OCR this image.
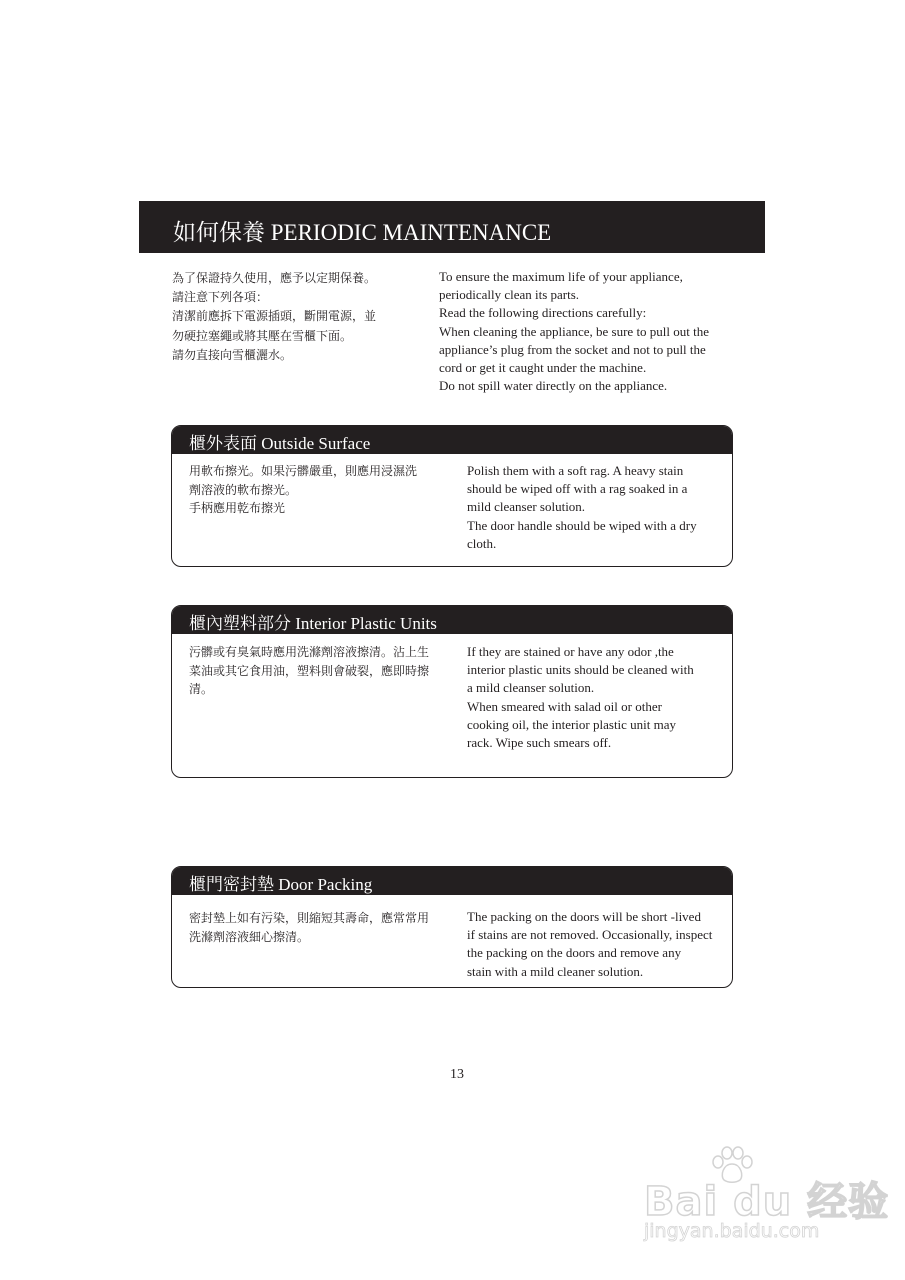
如何保養 PERIODIC MAINTENANCE
為了保證持久使用，應予以定期保養。
請注意下列各項：
清潔前應拆下電源插頭，斷開電源，並
勿硬拉塞繩或將其壓在雪櫃下面。
請勿直接向雪櫃灑水。
To ensure the maximum life of your appliance,
periodically clean its parts.
Read the following directions carefully:
When cleaning the appliance, be sure to pull out the
appliance’s plug from the socket and not to pull the
cord or get it caught under the machine.
Do not spill water directly on the appliance.
櫃外表面 Outside Surface
用軟布擦光。如果污髒嚴重，則應用浸濕洗
劑溶液的軟布擦光。
手柄應用乾布擦光
Polish them with a soft rag. A heavy stain
should be wiped off with a rag soaked in a
mild cleanser solution.
The door handle should be wiped with a dry
cloth.
櫃內塑料部分 Interior Plastic Units
污髒或有臭氣時應用洗滌劑溶液擦清。沾上生
菜油或其它食用油，塑料則會破裂，應即時擦
清。
If they are stained or have any odor ,the
interior plastic units should be cleaned with
a mild cleanser solution.
When smeared with salad oil or other
cooking oil, the interior plastic unit may
rack. Wipe such smears off.
櫃門密封墊 Door Packing
密封墊上如有污染，則縮短其壽命，應常常用
洗滌劑溶液細心擦清。
The packing on the doors will be short -lived
if stains are not removed. Occasionally, inspect
the packing on the doors and remove any
stain with a mild cleaner solution.
13
Bai du 经验
jingyan.baidu.com
